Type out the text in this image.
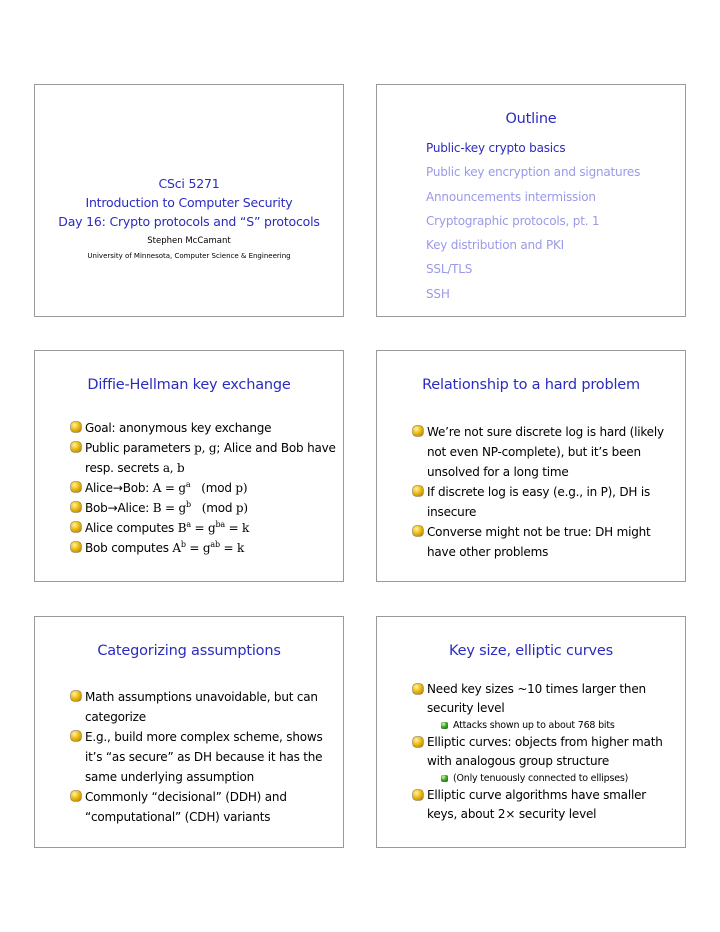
CSci 5271
Introduction to Computer Security
Day 16: Crypto protocols and “S” protocols
Stephen McCamant
University of Minnesota, Computer Science & Engineering
Outline
Public-key crypto basics
Public key encryption and signatures
Announcements intermission
Cryptographic protocols, pt. 1
Key distribution and PKI
SSL/TLS
SSH
Diffie-Hellman key exchange
Goal: anonymous key exchange
Public parameters p, g; Alice and Bob have resp. secrets a, b
Alice→Bob: $A = g^a$ (mod p)
Bob→Alice: $B = g^b$ (mod p)
Alice computes $B^a = g^{ba} = k$
Bob computes $A^b = g^{ab} = k$
Relationship to a hard problem
We’re not sure discrete log is hard (likely not even NP-complete), but it’s been unsolved for a long time
If discrete log is easy (e.g., in P), DH is insecure
Converse might not be true: DH might have other problems
Categorizing assumptions
Math assumptions unavoidable, but can categorize
E.g., build more complex scheme, shows it’s “as secure” as DH because it has the same underlying assumption
Commonly “decisional” (DDH) and “computational” (CDH) variants
Key size, elliptic curves
Need key sizes ~10 times larger then security level
Attacks shown up to about 768 bits
Elliptic curves: objects from higher math with analogous group structure
(Only tenuously connected to ellipses)
Elliptic curve algorithms have smaller keys, about 2× security level
